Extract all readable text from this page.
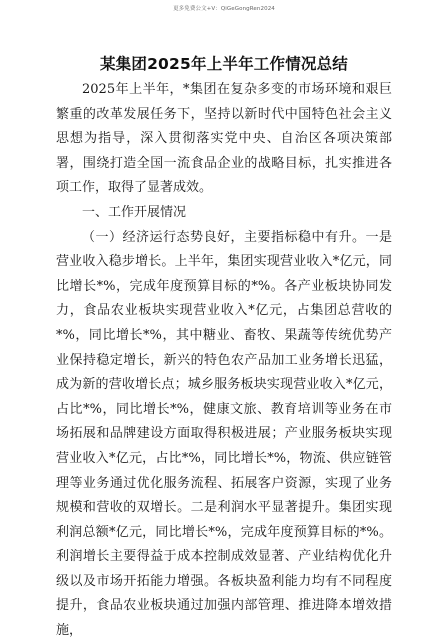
更多免费公文+V：QiGeGongRen2024
某集团2025年上半年工作情况总结

2025年上半年，*集团在复杂多变的市场环境和艰巨繁重的改革发展任务下，坚持以新时代中国特色社会主义思想为指导，深入贯彻落实党中央、自治区各项决策部署，围绕打造全国一流食品企业的战略目标，扎实推进各项工作，取得了显著成效。

一、工作开展情况

（一）经济运行态势良好，主要指标稳中有升。一是营业收入稳步增长。上半年，集团实现营业收入*亿元，同比增长*%，完成年度预算目标的*%。各产业板块协同发力，食品农业板块实现营业收入*亿元，占集团总营收的*%，同比增长*%，其中糖业、畜牧、果蔬等传统优势产业保持稳定增长，新兴的特色农产品加工业务增长迅猛，成为新的营收增长点；城乡服务板块实现营业收入*亿元，占比*%，同比增长*%，健康文旅、教育培训等业务在市场拓展和品牌建设方面取得积极进展；产业服务板块实现营业收入*亿元，占比*%，同比增长*%，物流、供应链管理等业务通过优化服务流程、拓展客户资源，实现了业务规模和营收的双增长。二是利润水平显著提升。集团实现利润总额*亿元，同比增长*%，完成年度预算目标的*%。利润增长主要得益于成本控制成效显著、产业结构优化升级以及市场开拓能力增强。各板块盈利能力均有不同程度提升，食品农业板块通过加强内部管理、推进降本增效措施，
